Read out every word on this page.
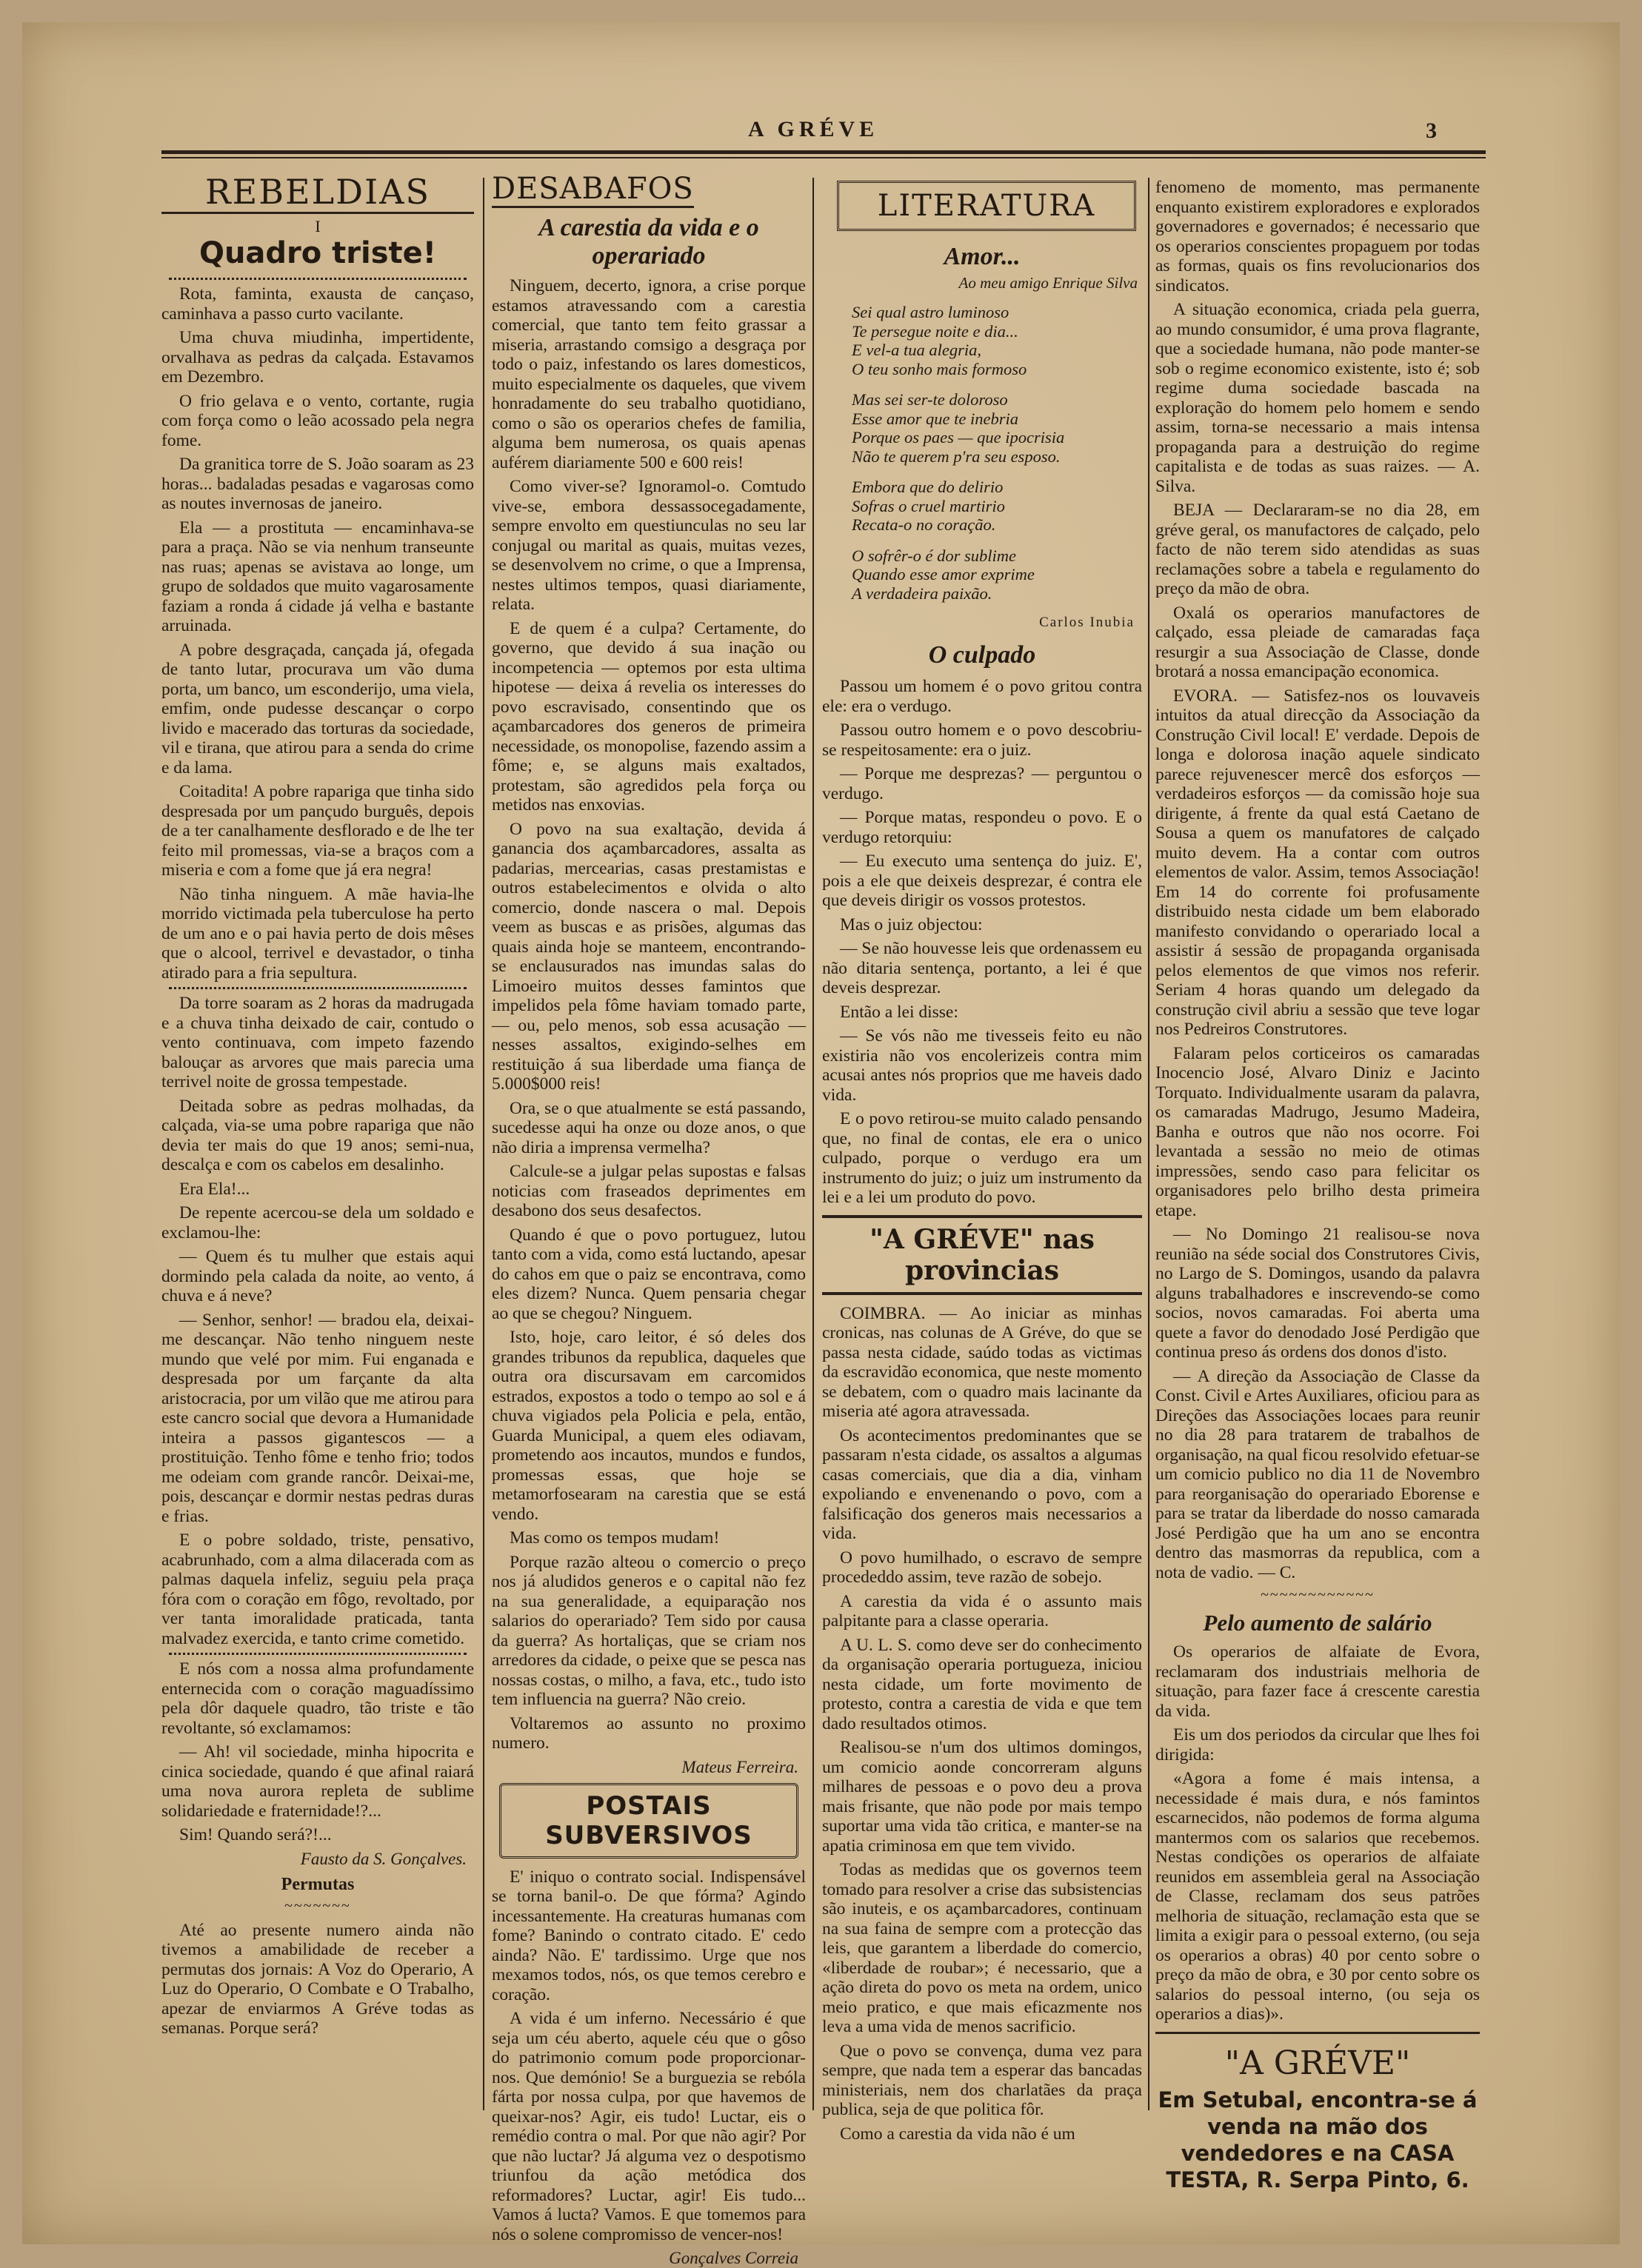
A GRÉVE	3
REBELDIAS
I
Quadro triste!

Rota, faminta, exausta de cançaso, caminhava a passo curto vacilante.

Uma chuva miudinha, impertidente, orvalhava as pedras da calçada. Estavamos em Dezembro.

O frio gelava e o vento, cortante, rugia com força como o leão acossado pela negra fome.

Da granitica torre de S. João soaram as 23 horas... badaladas pesadas e vagarosas como as noutes invernosas de janeiro.

Ela — a prostituta — encaminhava-se para a praça. Não se via nenhum transeunte nas ruas; apenas se avistava ao longe, um grupo de soldados que muito vagarosamente faziam a ronda á cidade já velha e bastante arruinada.

A pobre desgraçada, cançada já, ofegada de tanto lutar, procurava um vão duma porta, um banco, um esconderijo, uma viela, emfim, onde pudesse descançar o corpo livido e macerado das torturas da sociedade, vil e tirana, que atirou para a senda do crime e da lama.

Coitadita! A pobre rapariga que tinha sido despresada por um pançudo burguês, depois de a ter canalhamente desflorado e de lhe ter feito mil promessas, via-se a braços com a miseria e com a fome que já era negra!

Não tinha ninguem. A mãe havia-lhe morrido victimada pela tuberculose ha perto de um ano e o pai havia perto de dois mêses que o alcool, terrivel e devastador, o tinha atirado para a fria sepultura.

Da torre soaram as 2 horas da madrugada e a chuva tinha deixado de cair, contudo o vento continuava, com impeto fazendo balouçar as arvores que mais parecia uma terrivel noite de grossa tempestade.

Deitada sobre as pedras molhadas, da calçada, via-se uma pobre rapariga que não devia ter mais do que 19 anos; semi-nua, descalça e com os cabelos em desalinho.

Era Ela!...

De repente acercou-se dela um soldado e exclamou-lhe:

— Quem és tu mulher que estais aqui dormindo pela calada da noite, ao vento, á chuva e á neve?

— Senhor, senhor! — bradou ela, deixai-me descançar. Não tenho ninguem neste mundo que velé por mim. Fui enganada e despresada por um farçante da alta aristocracia, por um vilão que me atirou para este cancro social que devora a Humanidade inteira a passos gigantescos — a prostituição. Tenho fôme e tenho frio; todos me odeiam com grande rancôr. Deixai-me, pois, descançar e dormir nestas pedras duras e frias.

E o pobre soldado, triste, pensativo, acabrunhado, com a alma dilacerada com as palmas daquela infeliz, seguiu pela praça fóra com o coração em fôgo, revoltado, por ver tanta imoralidade praticada, tanta malvadez exercida, e tanto crime cometido.

E nós com a nossa alma profundamente enternecida com o coração maguadíssimo pela dôr daquele quadro, tão triste e tão revoltante, só exclamamos:

— Ah! vil sociedade, minha hipocrita e cinica sociedade, quando é que afinal raiará uma nova aurora repleta de sublime solidariedade e fraternidade!?...

Sim! Quando será?!...

Fausto da S. Gonçalves.
Permutas
~~~~~~~

Até ao presente numero ainda não tivemos a amabilidade de receber a permutas dos jornais: A Voz do Operario, A Luz do Operario, O Combate e O Trabalho, apezar de enviarmos A Gréve todas as semanas. Porque será?

DESABAFOS
A carestia da vida e o operariado

Ninguem, decerto, ignora, a crise porque estamos atravessando com a carestia comercial, que tanto tem feito grassar a miseria, arrastando comsigo a desgraça por todo o paiz, infestando os lares domesticos, muito especialmente os daqueles, que vivem honradamente do seu trabalho quotidiano, como o são os operarios chefes de familia, alguma bem numerosa, os quais apenas auférem diariamente 500 e 600 reis!

Como viver-se? Ignoramol-o. Comtudo vive-se, embora dessassocegadamente, sempre envolto em questiunculas no seu lar conjugal ou marital as quais, muitas vezes, se desenvolvem no crime, o que a Imprensa, nestes ultimos tempos, quasi diariamente, relata.

E de quem é a culpa? Certamente, do governo, que devido á sua inação ou incompetencia — optemos por esta ultima hipotese — deixa á revelia os interesses do povo escravisado, consentindo que os açambarcadores dos generos de primeira necessidade, os monopolise, fazendo assim a fôme; e, se alguns mais exaltados, protestam, são agredidos pela força ou metidos nas enxovias.

O povo na sua exaltação, devida á ganancia dos açambarcadores, assalta as padarias, mercearias, casas prestamistas e outros estabelecimentos e olvida o alto comercio, donde nascera o mal. Depois veem as buscas e as prisões, algumas das quais ainda hoje se manteem, encontrando-se enclausurados nas imundas salas do Limoeiro muitos desses famintos que impelidos pela fôme haviam tomado parte, — ou, pelo menos, sob essa acusação — nesses assaltos, exigindo-selhes em restituição á sua liberdade uma fiança de 5.000$000 reis!

Ora, se o que atualmente se está passando, sucedesse aqui ha onze ou doze anos, o que não diria a imprensa vermelha?

Calcule-se a julgar pelas supostas e falsas noticias com fraseados deprimentes em desabono dos seus desafectos.

Quando é que o povo portuguez, lutou tanto com a vida, como está luctando, apesar do cahos em que o paiz se encontrava, como eles dizem? Nunca. Quem pensaria chegar ao que se chegou? Ninguem.

Isto, hoje, caro leitor, é só deles dos grandes tribunos da republica, daqueles que outra ora discursavam em carcomidos estrados, expostos a todo o tempo ao sol e á chuva vigiados pela Policia e pela, então, Guarda Municipal, a quem eles odiavam, prometendo aos incautos, mundos e fundos, promessas essas, que hoje se metamorfosearam na carestia que se está vendo.

Mas como os tempos mudam!

Porque razão alteou o comercio o preço nos já aludidos generos e o capital não fez na sua generalidade, a equiparação nos salarios do operariado? Tem sido por causa da guerra? As hortaliças, que se criam nos arredores da cidade, o peixe que se pesca nas nossas costas, o milho, a fava, etc., tudo isto tem influencia na guerra? Não creio.

Voltaremos ao assunto no proximo numero.

Mateus Ferreira.
POSTAIS SUBVERSIVOS

E' iniquo o contrato social. Indispensável se torna banil-o. De que fórma? Agindo incessantemente. Ha creaturas humanas com fome? Banindo o contrato citado. E' cedo ainda? Não. E' tardissimo. Urge que nos mexamos todos, nós, os que temos cerebro e coração.

A vida é um inferno. Necessário é que seja um céu aberto, aquele céu que o gôso do patrimonio comum pode proporcionar-nos. Que demónio! Se a burguezia se rebóla fárta por nossa culpa, por que havemos de queixar-nos? Agir, eis tudo! Luctar, eis o remédio contra o mal. Por que não agir? Por que não luctar? Já alguma vez o despotismo triunfou da ação metódica dos reformadores? Luctar, agir! Eis tudo... Vamos á lucta? Vamos. E que tomemos para nós o solene compromisso de vencer-nos!

Gonçalves Correia
LITERATURA
Amor...
Ao meu amigo Enrique Silva

Sei qual astro luminoso

Te persegue noite e dia...

E vel-a tua alegria,

O teu sonho mais formoso

Mas sei ser-te doloroso

Esse amor que te inebria

Porque os paes — que ipocrisia

Não te querem p'ra seu esposo.

Embora que do delirio

Sofras o cruel martirio

Recata-o no coração.

O sofrêr-o é dor sublime

Quando esse amor exprime

A verdadeira paixão.

Carlos Inubia
O culpado

Passou um homem é o povo gritou contra ele: era o verdugo.

Passou outro homem e o povo descobriu-se respeitosamente: era o juiz.

— Porque me desprezas? — perguntou o verdugo.

— Porque matas, respondeu o povo. E o verdugo retorquiu:

— Eu executo uma sentença do juiz. E', pois a ele que deixeis desprezar, é contra ele que deveis dirigir os vossos protestos.

Mas o juiz objectou:

— Se não houvesse leis que ordenassem eu não ditaria sentença, portanto, a lei é que deveis desprezar.

Então a lei disse:

— Se vós não me tivesseis feito eu não existiria não vos encolerizeis contra mim acusai antes nós proprios que me haveis dado vida.

E o povo retirou-se muito calado pensando que, no final de contas, ele era o unico culpado, porque o verdugo era um instrumento do juiz; o juiz um instrumento da lei e a lei um produto do povo.

"A GRÉVE" nas provincias

COIMBRA. — Ao iniciar as minhas cronicas, nas colunas de A Gréve, do que se passa nesta cidade, saúdo todas as victimas da escravidão economica, que neste momento se debatem, com o quadro mais lacinante da miseria até agora atravessada.

Os acontecimentos predominantes que se passaram n'esta cidade, os assaltos a algumas casas comerciais, que dia a dia, vinham expoliando e envenenando o povo, com a falsificação dos generos mais necessarios a vida.

O povo humilhado, o escravo de sempre procededdo assim, teve razão de sobejo.

A carestia da vida é o assunto mais palpitante para a classe operaria.

A U. L. S. como deve ser do conhecimento da organisação operaria portugueza, iniciou nesta cidade, um forte movimento de protesto, contra a carestia de vida e que tem dado resultados otimos.

Realisou-se n'um dos ultimos domingos, um comicio aonde concorreram alguns milhares de pessoas e o povo deu a prova mais frisante, que não pode por mais tempo suportar uma vida tão critica, e manter-se na apatia criminosa em que tem vivido.

Todas as medidas que os governos teem tomado para resolver a crise das subsistencias são inuteis, e os açambarcadores, continuam na sua faina de sempre com a protecção das leis, que garantem a liberdade do comercio, «liberdade de roubar»; é necessario, que a ação direta do povo os meta na ordem, unico meio pratico, e que mais eficazmente nos leva a uma vida de menos sacrificio.

Que o povo se convença, duma vez para sempre, que nada tem a esperar das bancadas ministeriais, nem dos charlatães da praça publica, seja de que politica fôr.

Como a carestia da vida não é um

fenomeno de momento, mas permanente enquanto existirem exploradores e explorados governadores e governados; é necessario que os operarios conscientes propaguem por todas as formas, quais os fins revolucionarios dos sindicatos.

A situação economica, criada pela guerra, ao mundo consumidor, é uma prova flagrante, que a sociedade humana, não pode manter-se sob o regime economico existente, isto é; sob regime duma sociedade bascada na exploração do homem pelo homem e sendo assim, torna-se necessario a mais intensa propaganda para a destruição do regime capitalista e de todas as suas raizes. — A. Silva.

BEJA — Declararam-se no dia 28, em gréve geral, os manufactores de calçado, pelo facto de não terem sido atendidas as suas reclamações sobre a tabela e regulamento do preço da mão de obra.

Oxalá os operarios manufactores de calçado, essa pleiade de camaradas faça resurgir a sua Associação de Classe, donde brotará a nossa emancipação economica.

EVORA. — Satisfez-nos os louvaveis intuitos da atual direcção da Associação da Construção Civil local! E' verdade. Depois de longa e dolorosa inação aquele sindicato parece rejuvenescer mercê dos esforços — verdadeiros esforços — da comissão hoje sua dirigente, á frente da qual está Caetano de Sousa a quem os manufatores de calçado muito devem. Ha a contar com outros elementos de valor. Assim, temos Associação! Em 14 do corrente foi profusamente distribuido nesta cidade um bem elaborado manifesto convidando o operariado local a assistir á sessão de propaganda organisada pelos elementos de que vimos nos referir. Seriam 4 horas quando um delegado da construção civil abriu a sessão que teve logar nos Pedreiros Construtores.

Falaram pelos corticeiros os camaradas Inocencio José, Alvaro Diniz e Jacinto Torquato. Individualmente usaram da palavra, os camaradas Madrugo, Jesumo Madeira, Banha e outros que não nos ocorre. Foi levantada a sessão no meio de otimas impressões, sendo caso para felicitar os organisadores pelo brilho desta primeira etape.

— No Domingo 21 realisou-se nova reunião na séde social dos Construtores Civis, no Largo de S. Domingos, usando da palavra alguns trabalhadores e inscrevendo-se como socios, novos camaradas. Foi aberta uma quete a favor do denodado José Perdigão que continua preso ás ordens dos donos d'isto.

— A direção da Associação de Classe da Const. Civil e Artes Auxiliares, oficiou para as Direções das Associações locaes para reunir no dia 28 para tratarem de trabalhos de organisação, na qual ficou resolvido efetuar-se um comicio publico no dia 11 de Novembro para reorganisação do operariado Eborense e para se tratar da liberdade do nosso camarada José Perdigão que ha um ano se encontra dentro das masmorras da republica, com a nota de vadio. — C.

~~~~~~~~~~~~
Pelo aumento de salário

Os operarios de alfaiate de Evora, reclamaram dos industriais melhoria de situação, para fazer face á crescente carestia da vida.

Eis um dos periodos da circular que lhes foi dirigida:

«Agora a fome é mais intensa, a necessidade é mais dura, e nós famintos escarnecidos, não podemos de forma alguma mantermos com os salarios que recebemos. Nestas condições os operarios de alfaiate reunidos em assembleia geral na Associação de Classe, reclamam dos seus patrões melhoria de situação, reclamação esta que se limita a exigir para o pessoal externo, (ou seja os operarios a obras) 40 por cento sobre o preço da mão de obra, e 30 por cento sobre os salarios do pessoal interno, (ou seja os operarios a dias)».

"A GRÉVE"
Em Setubal, encontra-se á venda na mão dos vendedores e na CASA TESTA, R. Serpa Pinto, 6.
